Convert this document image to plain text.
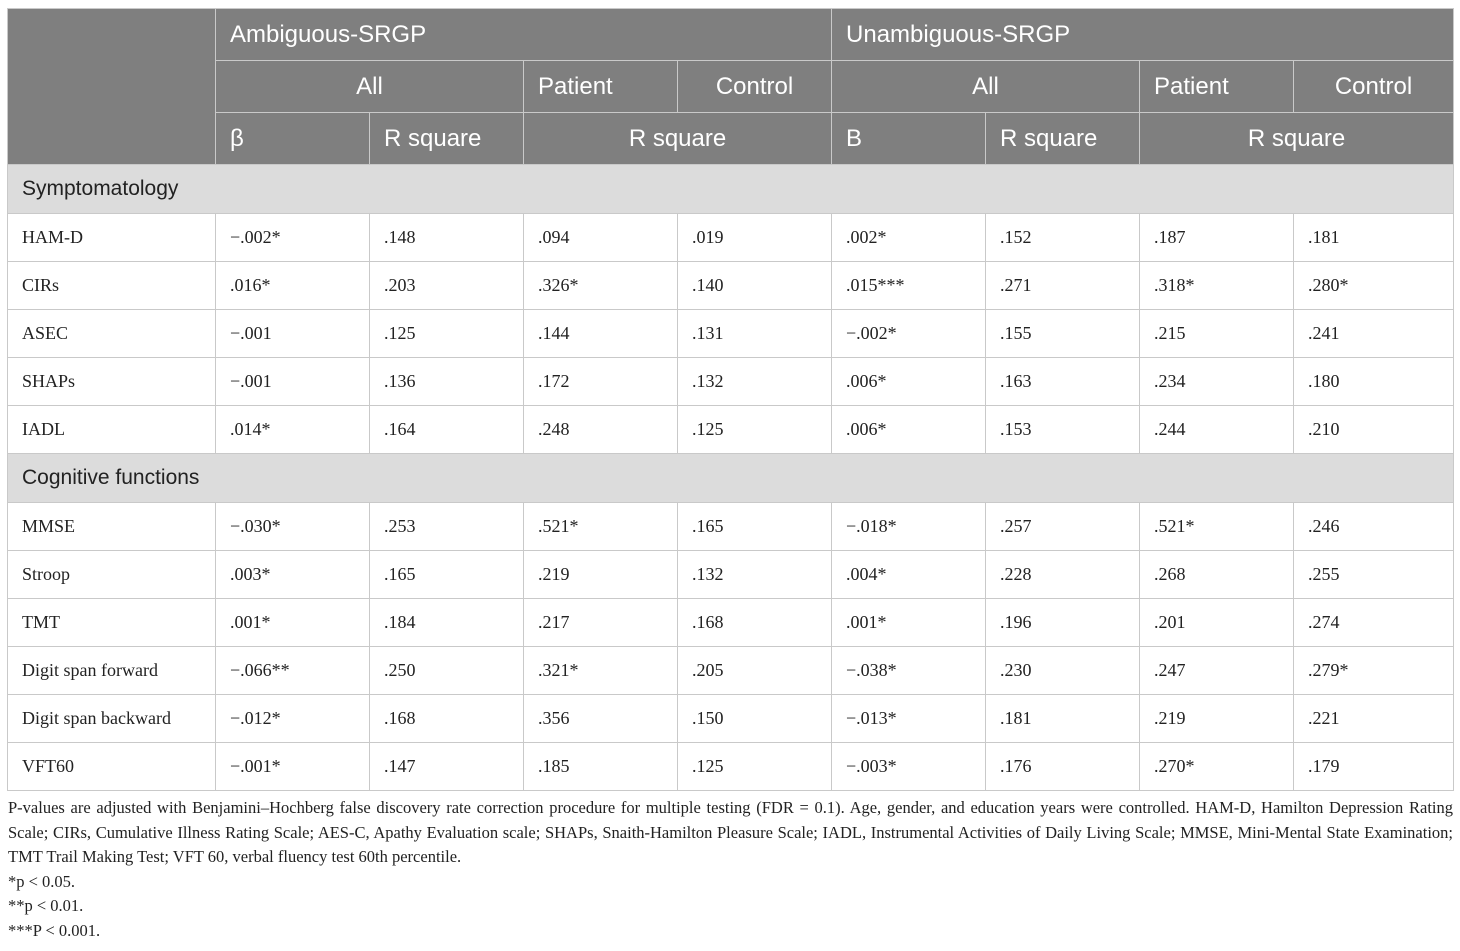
	Ambiguous-SRGP				Unambiguous-SRGP			
	All		Patient	Control	All		Patient	Control
	β	R square	R square		B	R square	R square	
Symptomatology								
HAM-D	−.002*	.148	.094	.019	.002*	.152	.187	.181
CIRs	.016*	.203	.326*	.140	.015***	.271	.318*	.280*
ASEC	−.001	.125	.144	.131	−.002*	.155	.215	.241
SHAPs	−.001	.136	.172	.132	.006*	.163	.234	.180
IADL	.014*	.164	.248	.125	.006*	.153	.244	.210
Cognitive functions								
MMSE	−.030*	.253	.521*	.165	−.018*	.257	.521*	.246
Stroop	.003*	.165	.219	.132	.004*	.228	.268	.255
TMT	.001*	.184	.217	.168	.001*	.196	.201	.274
Digit span forward	−.066**	.250	.321*	.205	−.038*	.230	.247	.279*
Digit span backward	−.012*	.168	.356	.150	−.013*	.181	.219	.221
VFT60	−.001*	.147	.185	.125	−.003*	.176	.270*	.179

P-values are adjusted with Benjamini–Hochberg false discovery rate correction procedure for multiple testing (FDR = 0.1). Age, gender, and education years were controlled. HAM-D, Hamilton Depression Rating Scale; CIRs, Cumulative Illness Rating Scale; AES-C, Apathy Evaluation scale; SHAPs, Snaith-Hamilton Pleasure Scale; IADL, Instrumental Activities of Daily Living Scale; MMSE, Mini-Mental State Examination; TMT Trail Making Test; VFT 60, verbal fluency test 60th percentile.

*p < 0.05.

**p < 0.01.

***P < 0.001.
